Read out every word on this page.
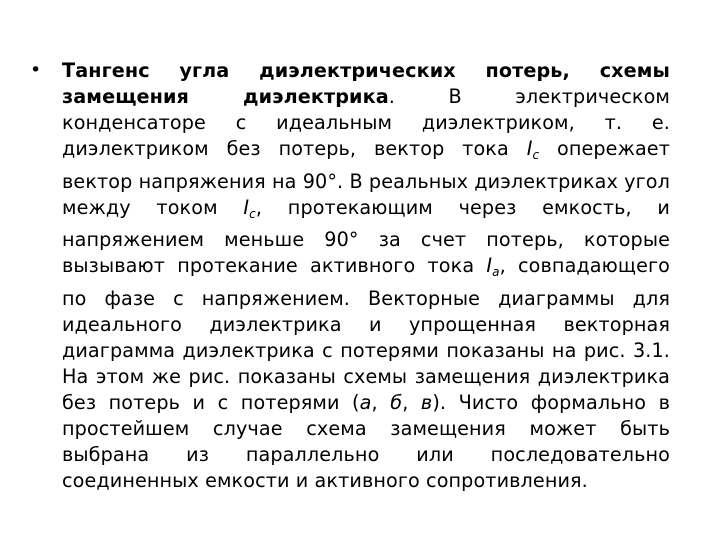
• Тангенс угла диэлектрических потерь, схемы замещения диэлектрика. В электрическом конденсаторе с идеальным диэлектриком, т. е. диэлектриком без потерь, вектор тока $I_c$ опережает вектор напряжения на 90°. В реальных диэлектриках угол между током $I_c$, протекающим через емкость, и напряжением меньше 90° за счет потерь, которые вызывают протекание активного тока $I_a$, совпадающего по фазе с напряжением. Векторные диаграммы для идеального диэлектрика и упрощенная векторная диаграмма диэлектрика с потерями показаны на рис. 3.1. На этом же рис. показаны схемы замещения диэлектрика без потерь и с потерями (а, б, в). Чисто формально в простейшем случае схема замещения может быть выбрана из параллельно или последовательно соединенных емкости и активного сопротивления.
